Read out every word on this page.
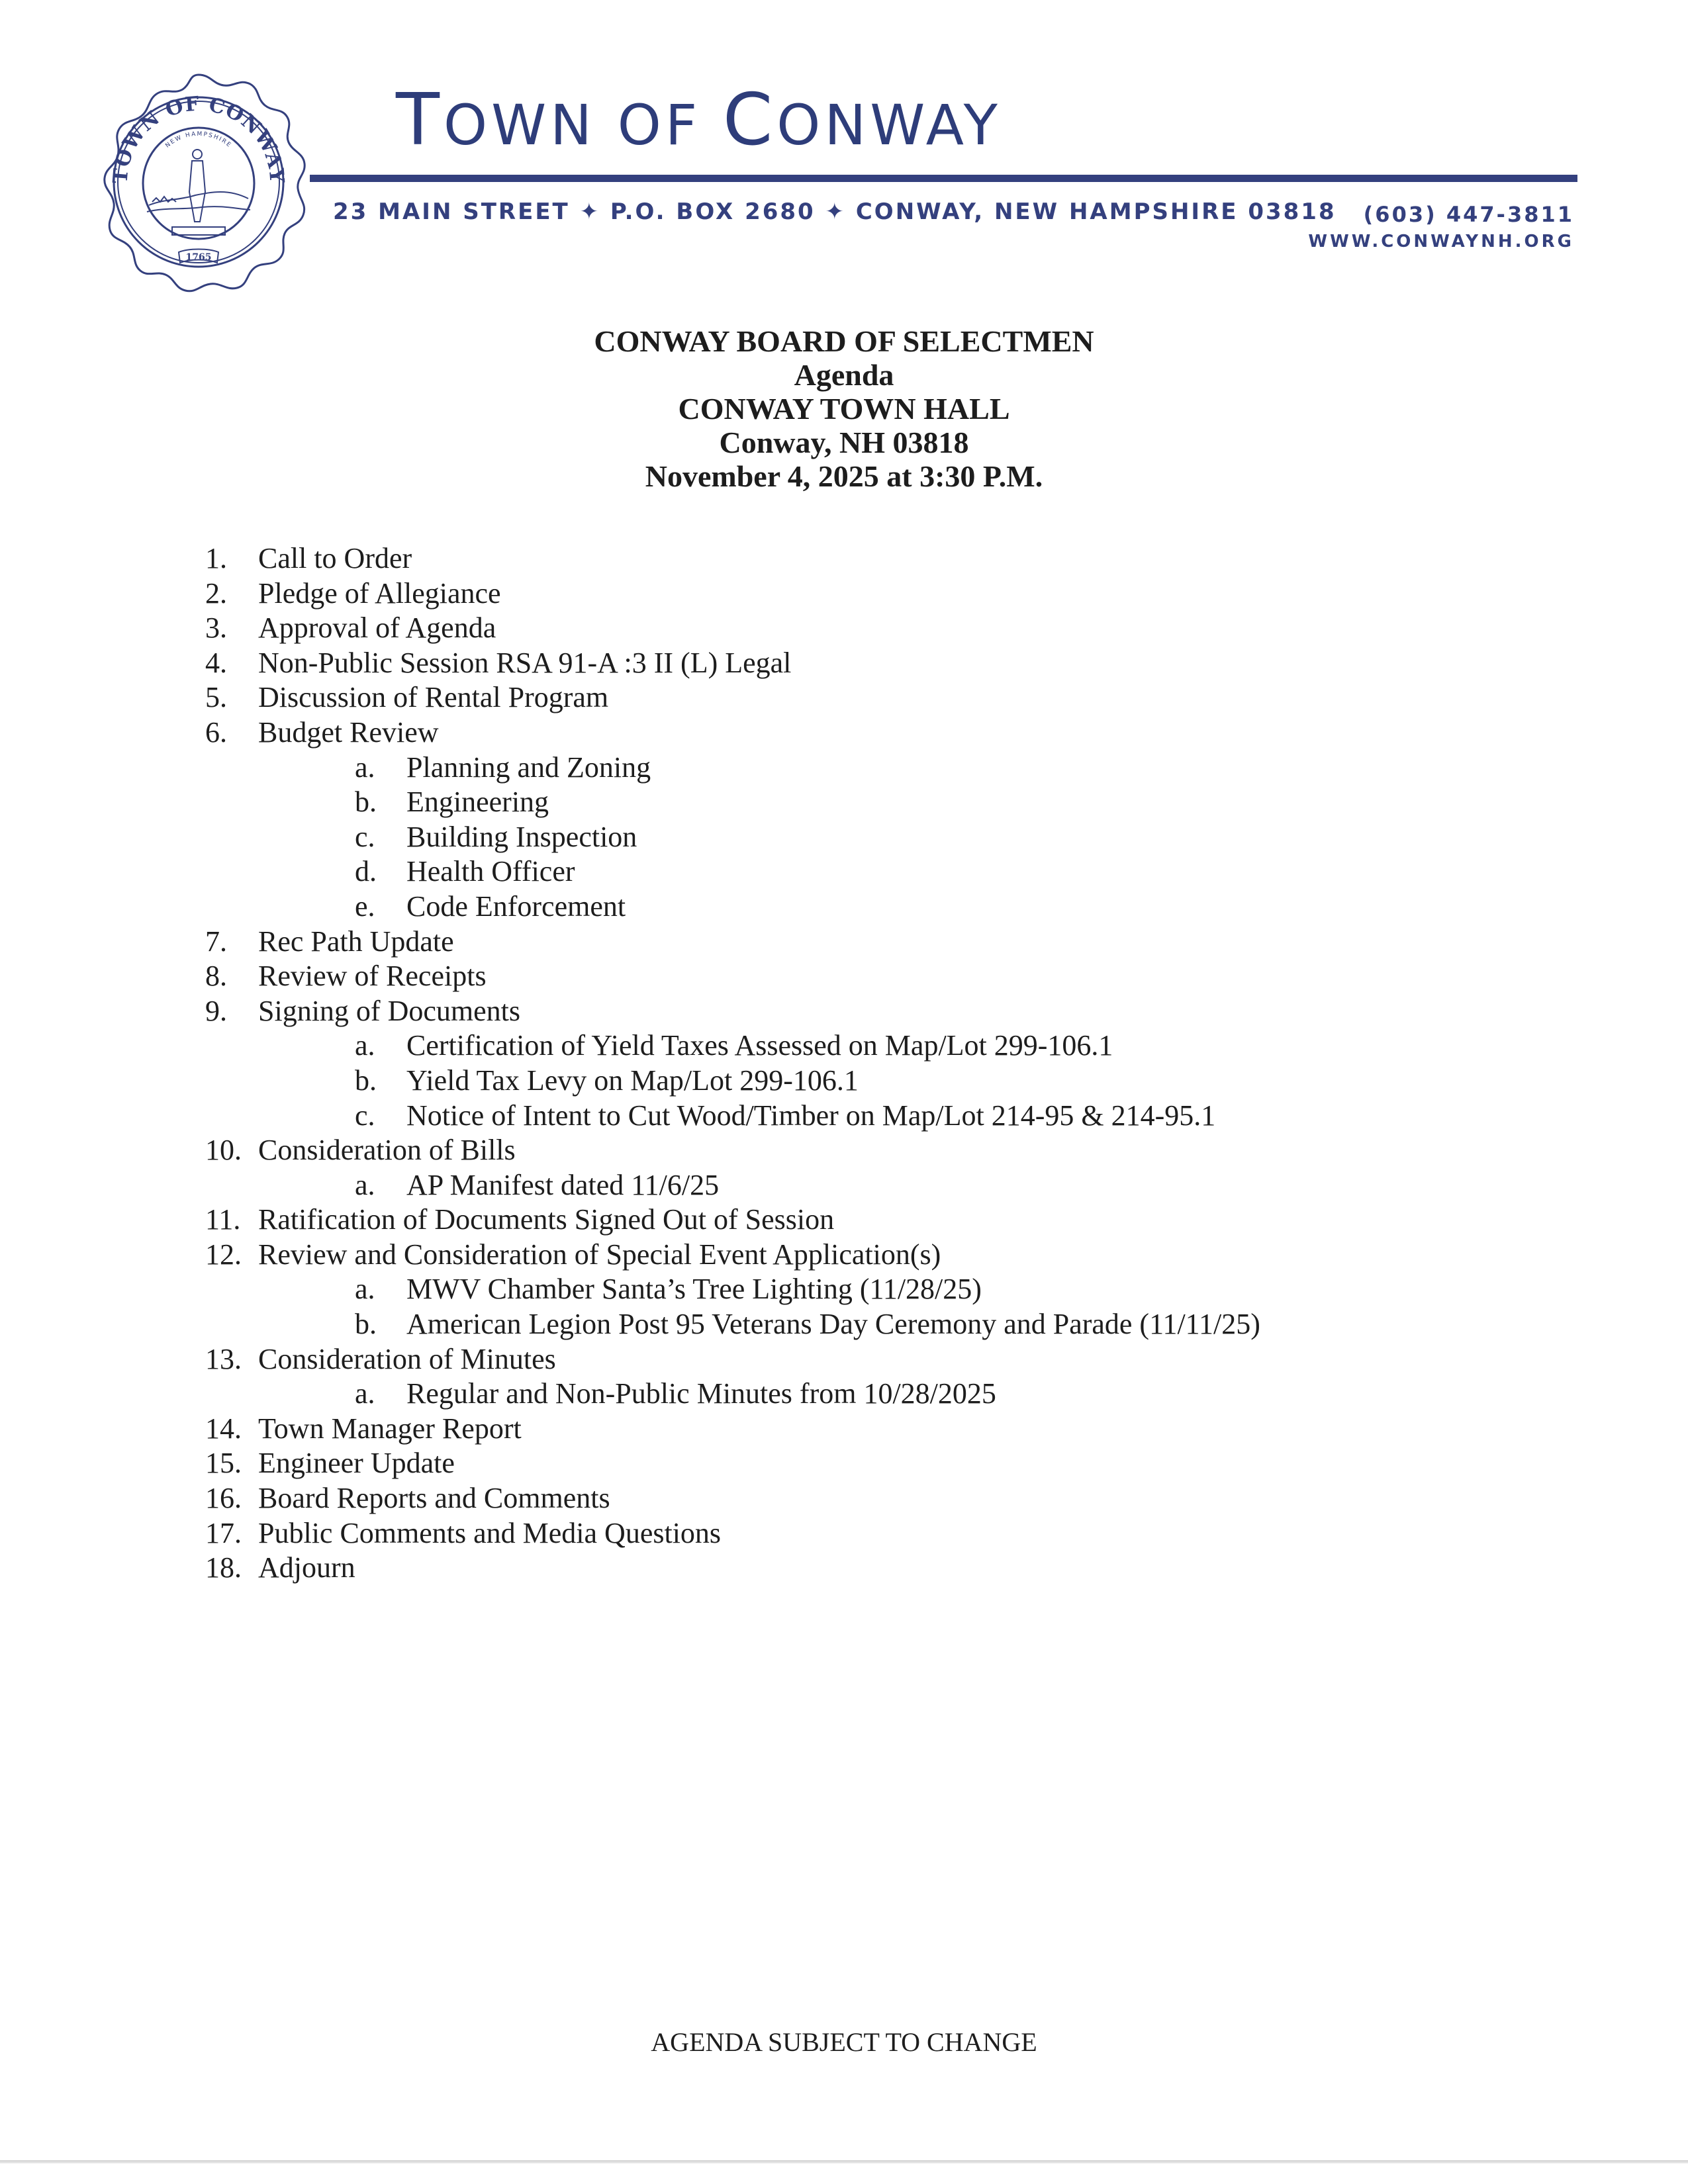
TOWN OF CONWAY
NEW HAMPSHIRE
1765
TOWN OF CONWAY
23 MAIN STREET ✦ P.O. BOX 2680 ✦ CONWAY, NEW HAMPSHIRE 03818 (603) 447-3811
WWW.CONWAYNH.ORG
CONWAY BOARD OF SELECTMEN
Agenda
CONWAY TOWN HALL
Conway, NH 03818
November 4, 2025 at 3:30 P.M.
1. Call to Order
2. Pledge of Allegiance
3. Approval of Agenda
4. Non-Public Session RSA 91-A :3 II (L) Legal
5. Discussion of Rental Program
6. Budget Review
a. Planning and Zoning
b. Engineering
c. Building Inspection
d. Health Officer
e. Code Enforcement
7. Rec Path Update
8. Review of Receipts
9. Signing of Documents
a. Certification of Yield Taxes Assessed on Map/Lot 299-106.1
b. Yield Tax Levy on Map/Lot 299-106.1
c. Notice of Intent to Cut Wood/Timber on Map/Lot 214-95 & 214-95.1
10. Consideration of Bills
a. AP Manifest dated 11/6/25
11. Ratification of Documents Signed Out of Session
12. Review and Consideration of Special Event Application(s)
a. MWV Chamber Santa’s Tree Lighting (11/28/25)
b. American Legion Post 95 Veterans Day Ceremony and Parade (11/11/25)
13. Consideration of Minutes
a. Regular and Non-Public Minutes from 10/28/2025
14. Town Manager Report
15. Engineer Update
16. Board Reports and Comments
17. Public Comments and Media Questions
18. Adjourn
AGENDA SUBJECT TO CHANGE
